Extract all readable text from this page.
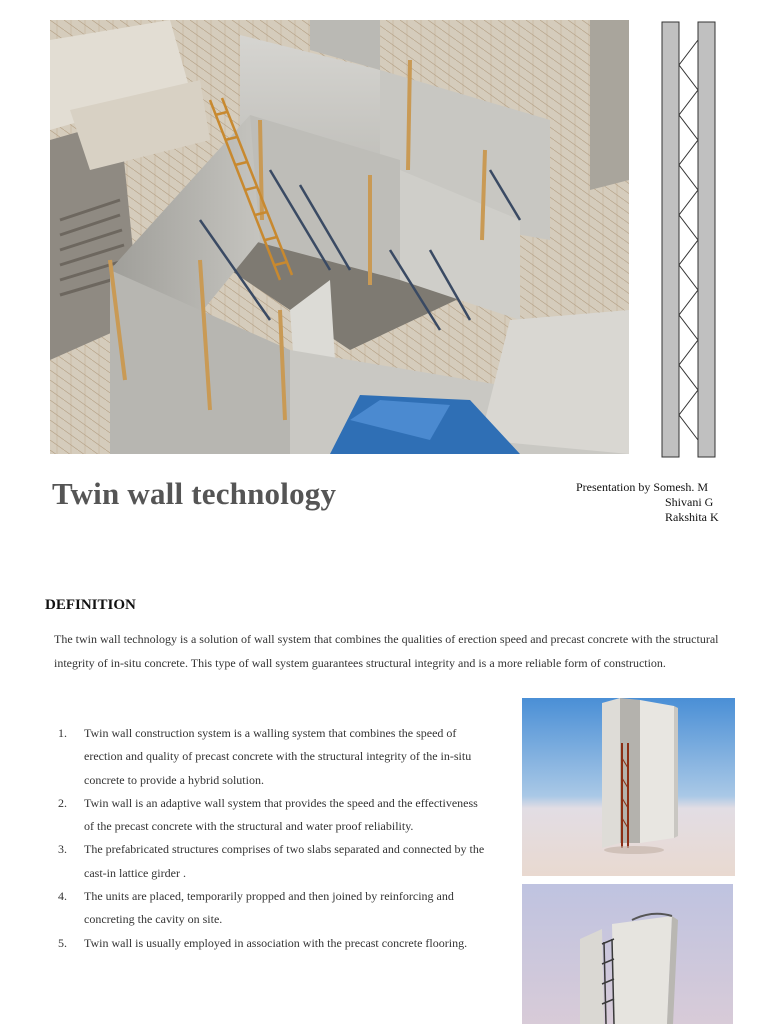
Twin wall technology	Presentation by Somesh. M
Shivani G
Rakshita K
DEFINITION
The twin wall technology is a solution of wall system that combines the qualities of erection speed and precast concrete with the structural integrity of in-situ concrete. This type of wall system guarantees structural integrity and is a more reliable form of construction.
1. Twin wall construction system is a walling system that combines the speed of erection and quality of precast concrete with the structural integrity of the in-situ concrete to provide a hybrid solution.
2. Twin wall is an adaptive wall system that provides the speed and the effectiveness of the precast concrete with the structural and water proof reliability.
3. The prefabricated structures comprises of two slabs separated and connected by the cast-in lattice girder .
4. The units are placed, temporarily propped and then joined by reinforcing and concreting the cavity on site.
5. Twin wall is usually employed in association with the precast concrete flooring.
